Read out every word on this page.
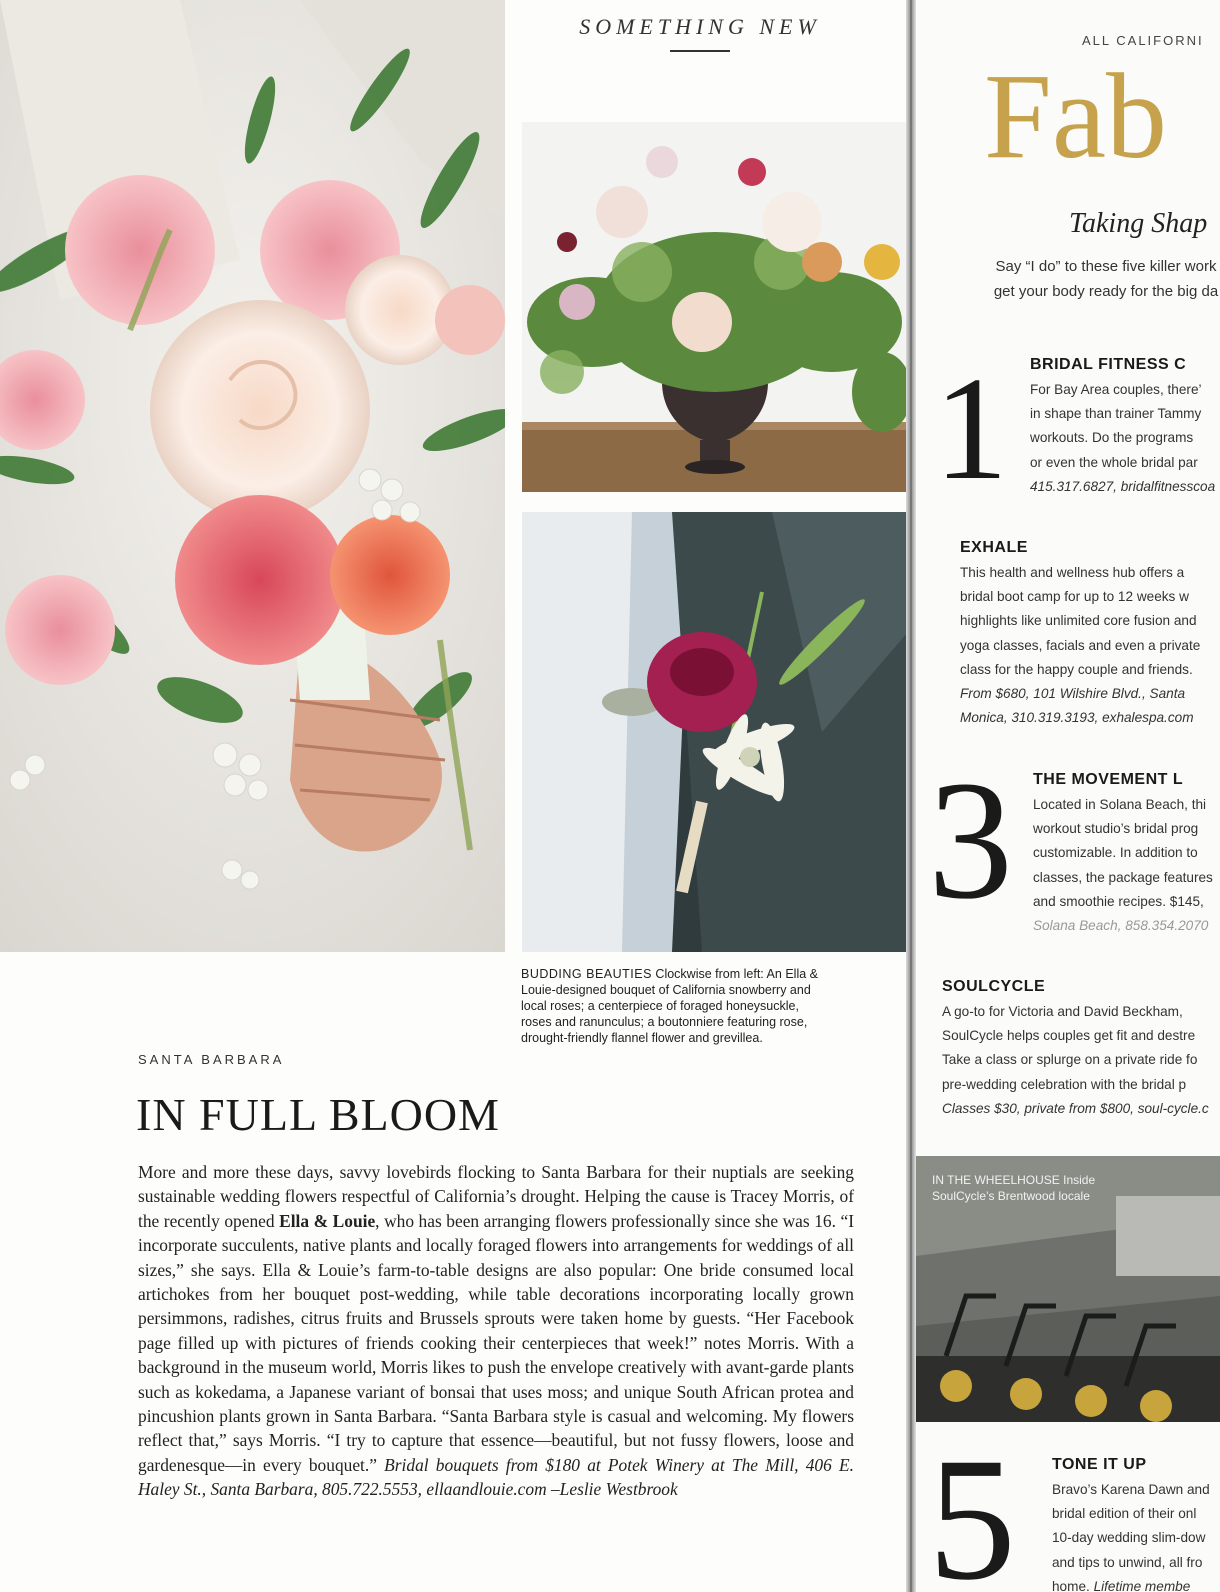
SOMETHING NEW
BUDDING BEAUTIES Clockwise from left: An Ella & Louie-designed bouquet of California snowberry and local roses; a centerpiece of foraged honeysuckle, roses and ranunculus; a boutonniere featuring rose, drought-friendly flannel flower and grevillea.
SANTA BARBARA
IN FULL BLOOM
More and more these days, savvy lovebirds flocking to Santa Barbara for their nuptials are seeking sustainable wedding flowers respectful of California’s drought. Helping the cause is Tracey Morris, of the recently opened Ella & Louie, who has been arranging flowers professionally since she was 16. “I incorporate succulents, native plants and locally foraged flowers into arrangements for weddings of all sizes,” she says. Ella & Louie’s farm-to-table designs are also popular: One bride consumed local artichokes from her bouquet post-wedding, while table decorations incorporating locally grown persimmons, radishes, citrus fruits and Brussels sprouts were taken home by guests. “Her Facebook page filled up with pictures of friends cooking their centerpieces that week!” notes Morris. With a background in the museum world, Morris likes to push the envelope creatively with avant-garde plants such as kokedama, a Japanese variant of bonsai that uses moss; and unique South African protea and pincushion plants grown in Santa Barbara. “Santa Barbara style is casual and welcoming. My flowers reflect that,” says Morris. “I try to capture that essence—beautiful, but not fussy flowers, loose and gardenesque—in every bouquet.” Bridal bouquets from $180 at Potek Winery at The Mill, 406 E. Haley St., Santa Barbara, 805.722.5553, ellaandlouie.com –Leslie Westbrook
ALL CALIFORNI
Fab
Taking Shap
Say “I do” to these five killer work
get your body ready for the big da
1 BRIDAL FITNESS C

For Bay Area couples, there’

in shape than trainer Tammy

workouts. Do the programs

or even the whole bridal par

415.317.6827, bridalfitnesscoa

EXHALE

This health and wellness hub offers a

bridal boot camp for up to 12 weeks w

highlights like unlimited core fusion and

yoga classes, facials and even a private

class for the happy couple and friends.

From $680, 101 Wilshire Blvd., Santa

Monica, 310.319.3193, exhalespa.com

3 THE MOVEMENT L

Located in Solana Beach, thi

workout studio’s bridal prog

customizable. In addition to

classes, the package features

and smoothie recipes. $145,

Solana Beach, 858.354.2070

SOULCYCLE

A go-to for Victoria and David Beckham,

SoulCycle helps couples get fit and destre

Take a class or splurge on a private ride fo

pre-wedding celebration with the bridal p

Classes $30, private from $800, soul-cycle.c

IN THE WHEELHOUSE Inside
SoulCycle’s Brentwood locale
5 TONE IT UP

Bravo’s Karena Dawn and

bridal edition of their onl

10-day wedding slim-dow

and tips to unwind, all fro

home. Lifetime membe
